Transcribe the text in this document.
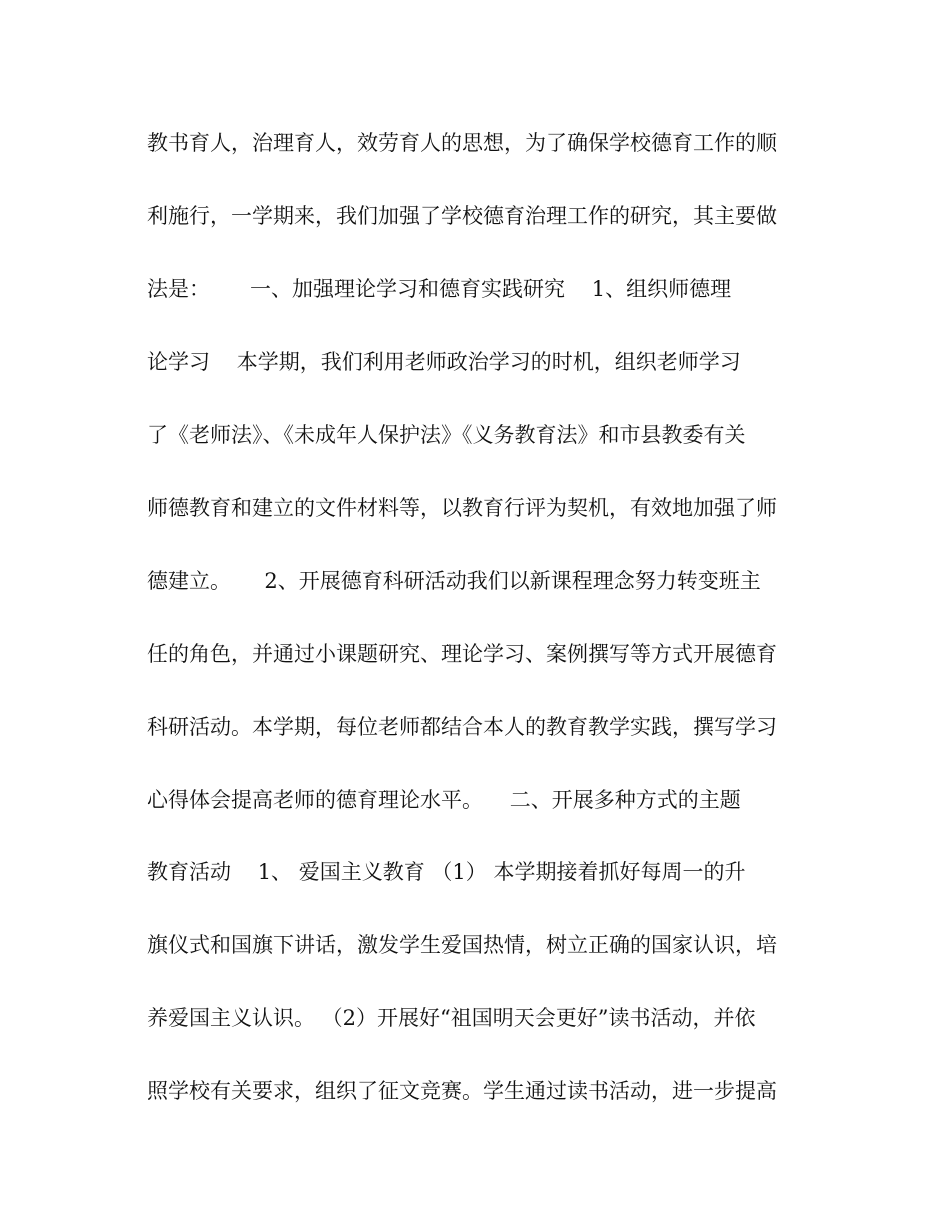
教书育人，治理育人，效劳育人的思想，为了确保学校德育工作的顺
利施行，一学期来，我们加强了学校德育治理工作的研究，其主要做
法是：      一、加强理论学习和德育实践研究    1、组织师德理
论学习    本学期，我们利用老师政治学习的时机，组织老师学习
了《老师法》、《未成年人保护法》《义务教育法》和市县教委有关
师德教育和建立的文件材料等，以教育行评为契机，有效地加强了师
德建立。     2、开展德育科研活动我们以新课程理念努力转变班主
任的角色，并通过小课题研究、理论学习、案例撰写等方式开展德育
科研活动。本学期，每位老师都结合本人的教育教学实践，撰写学习
心得体会提高老师的德育理论水平。    二、开展多种方式的主题
教育活动    1、 爱国主义教育 （1） 本学期接着抓好每周一的升
旗仪式和国旗下讲话，激发学生爱国热情，树立正确的国家认识，培
养爱国主义认识。 （2）开展好“祖国明天会更好”读书活动，并依
照学校有关要求，组织了征文竞赛。学生通过读书活动，进一步提高
